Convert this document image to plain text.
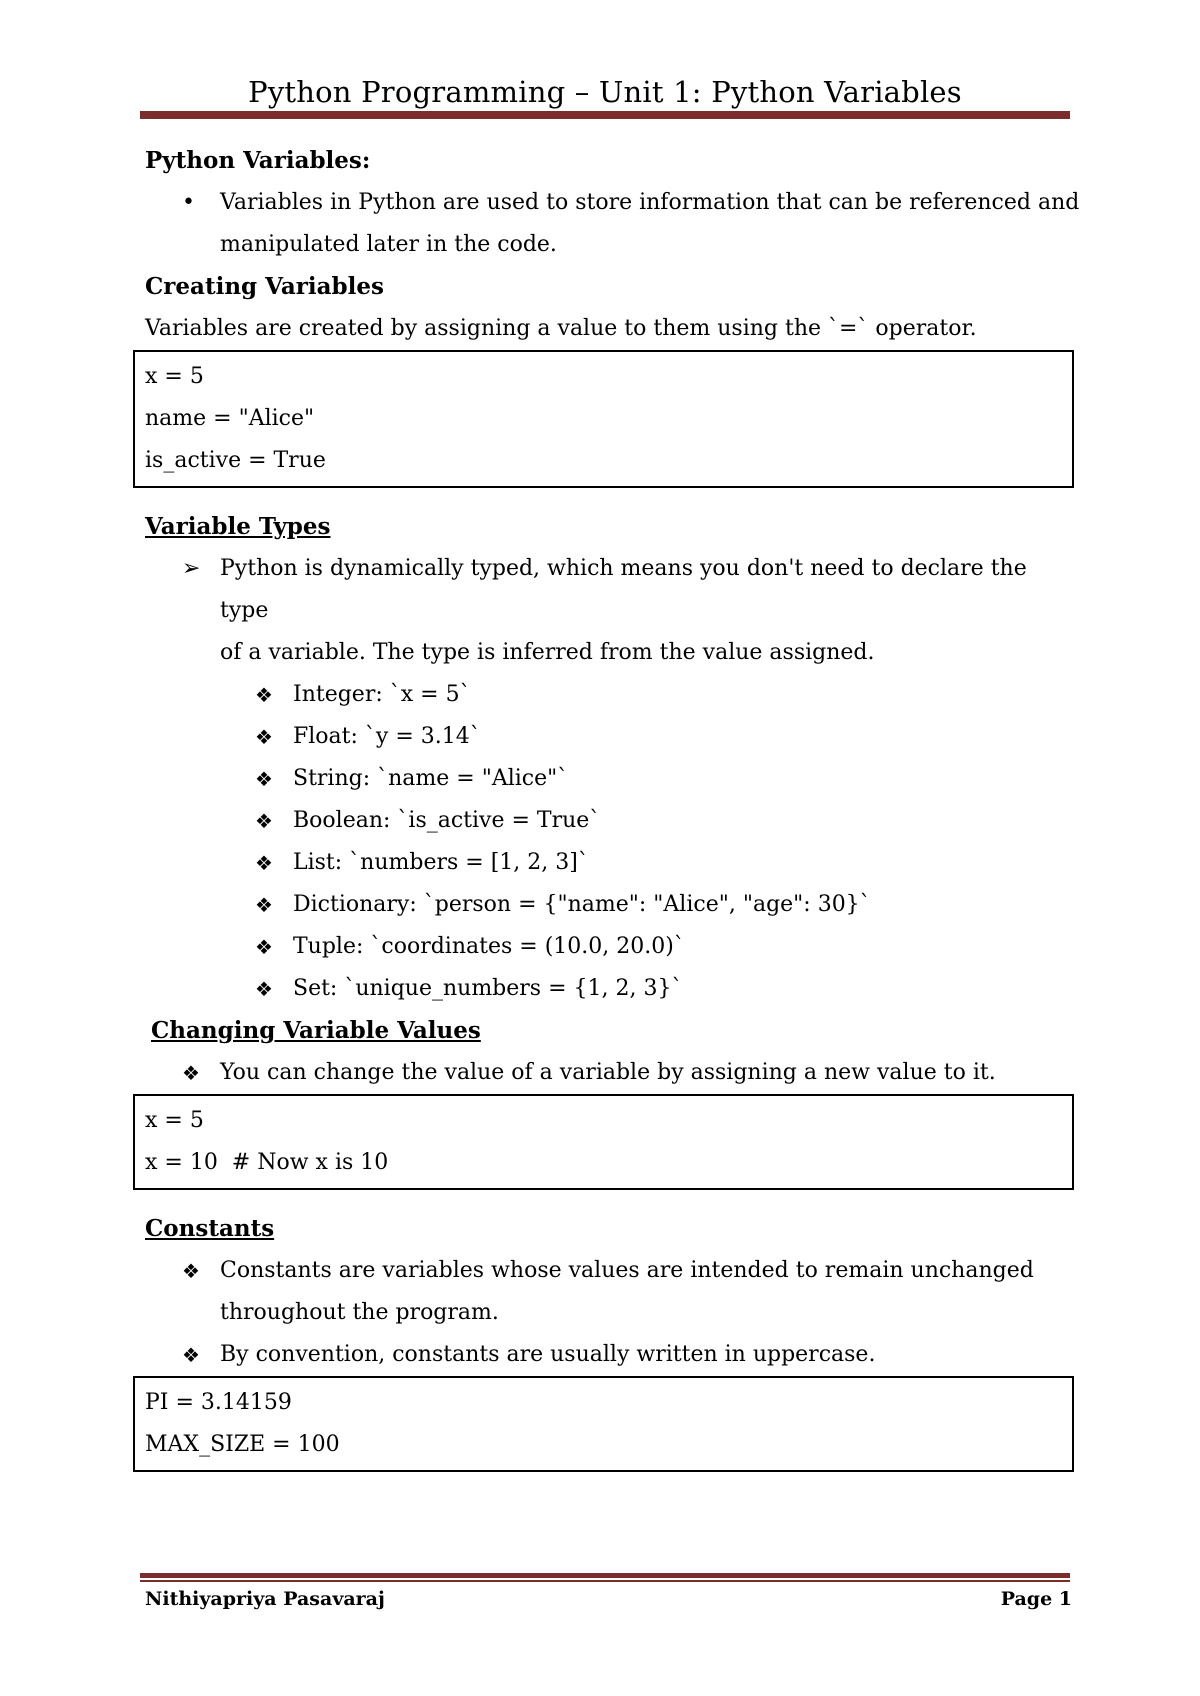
Python Programming – Unit 1: Python Variables

Python Variables:

•	Variables in Python are used to store information that can be referenced and
manipulated later in the code.

Creating Variables

Variables are created by assigning a value to them using the `=` operator.

x = 5
name = "Alice"
is_active = True

Variable Types

➢ Python is dynamically typed, which means you don't need to declare the type
of a variable. The type is inferred from the value assigned.
❖ Integer: `x = 5`
❖ Float: `y = 3.14`
❖ String: `name = "Alice"`
❖ Boolean: `is_active = True`
❖ List: `numbers = [1, 2, 3]`
❖ Dictionary: `person = {"name": "Alice", "age": 30}`
❖ Tuple: `coordinates = (10.0, 20.0)`
❖ Set: `unique_numbers = {1, 2, 3}`

Changing Variable Values

❖ You can change the value of a variable by assigning a new value to it.
x = 5
x = 10  # Now x is 10

Constants

❖ Constants are variables whose values are intended to remain unchanged
throughout the program.
❖ By convention, constants are usually written in uppercase.
PI = 3.14159
MAX_SIZE = 100
Nithiyapriya Pasavaraj	Page 1
